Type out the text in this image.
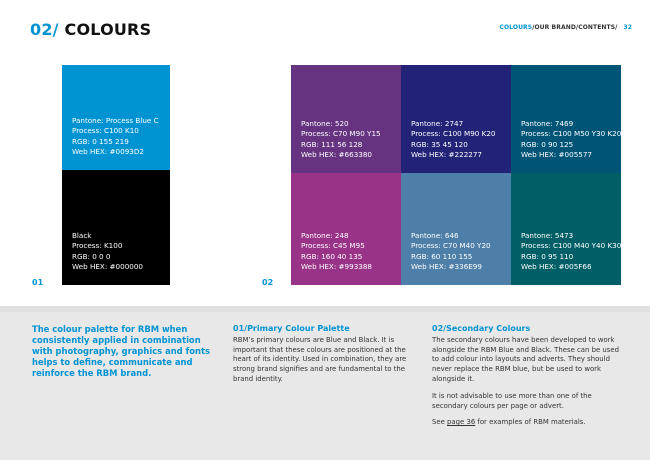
02/ COLOURS	COLOURS/OUR BRAND/CONTENTS/ 32
Pantone: Process Blue C
Process: C100 K10
RGB: 0 155 219
Web HEX: #0093D2
Black
Process: K100
RGB: 0 0 0
Web HEX: #000000
01
Pantone: 520
Process: C70 M90 Y15
RGB: 111 56 128
Web HEX: #663380
Pantone: 2747
Process: C100 M90 K20
RGB: 35 45 120
Web HEX: #222277
Pantone: 7469
Process: C100 M50 Y30 K20
RGB: 0 90 125
Web HEX: #005577
Pantone: 248
Process: C45 M95
RGB: 160 40 135
Web HEX: #993388
Pantone: 646
Process: C70 M40 Y20
RGB: 60 110 155
Web HEX: #336E99
Pantone: 5473
Process: C100 M40 Y40 K30
RGB: 0 95 110
Web HEX: #005F66
02
The colour palette for RBM when consistently applied in combination with photography, graphics and fonts helps to define, communicate and reinforce the RBM brand.
01/Primary Colour Palette

RBM’s primary colours are Blue and Black. It is important that these colours are positioned at the heart of its identity. Used in combination, they are strong brand signifies and are fundamental to the brand identity.

02/Secondary Colours

The secondary colours have been developed to work alongside the RBM Blue and Black. These can be used to add colour into layouts and adverts. They should never replace the RBM blue, but be used to work alongside it.

It is not advisable to use more than one of the secondary colours per page or advert.

See page 36 for examples of RBM materials.
